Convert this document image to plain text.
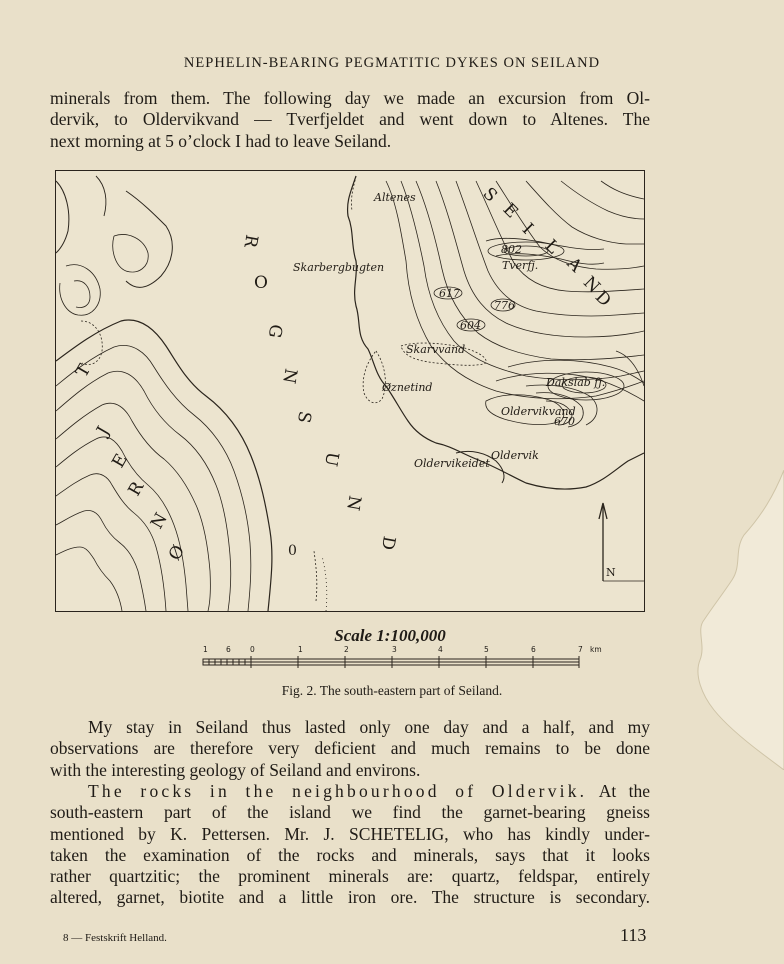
NEPHELIN‑BEARING PEGMATITIC DYKES ON SEILAND

minerals from them. The following day we made an excursion from Ol‑
dervik, to Oldervikvand — Tverfjeldet and went down to Altenes. The
next morning at 5 o’clock I had to leave Seiland.

Altenes
Skarbergbugten
802
Tverfj.
617
776
604
Skarvvand
Øznetind	Dakslab fj.
Oldervikvand
670
Oldervikeidet
Oldervik
N
0
R
O
G
N
S
U
N
D
S
E
I
L
A
N
D
T
J
E
R
N
Ø
Scale 1:100,000
1 6	0	1	2	3	4	5	6	7 km
Fig. 2. The south‑eastern part of Seiland.

My stay in Seiland thus lasted only one day and a half, and my
observations are therefore very deficient and much remains to be done
with the interesting geology of Seiland and environs.

The rocks in the neighbourhood of Oldervik. At the
south‑eastern part of the island we find the garnet‑bearing gneiss
mentioned by K. Pettersen. Mr. J. SCHETELIG, who has kindly under‑
taken the examination of the rocks and minerals, says that it looks
rather quartzitic; the prominent minerals are: quartz, feldspar, entirely
altered, garnet, biotite and a little iron ore. The structure is secondary.

8 — Festskrift Helland.	113
